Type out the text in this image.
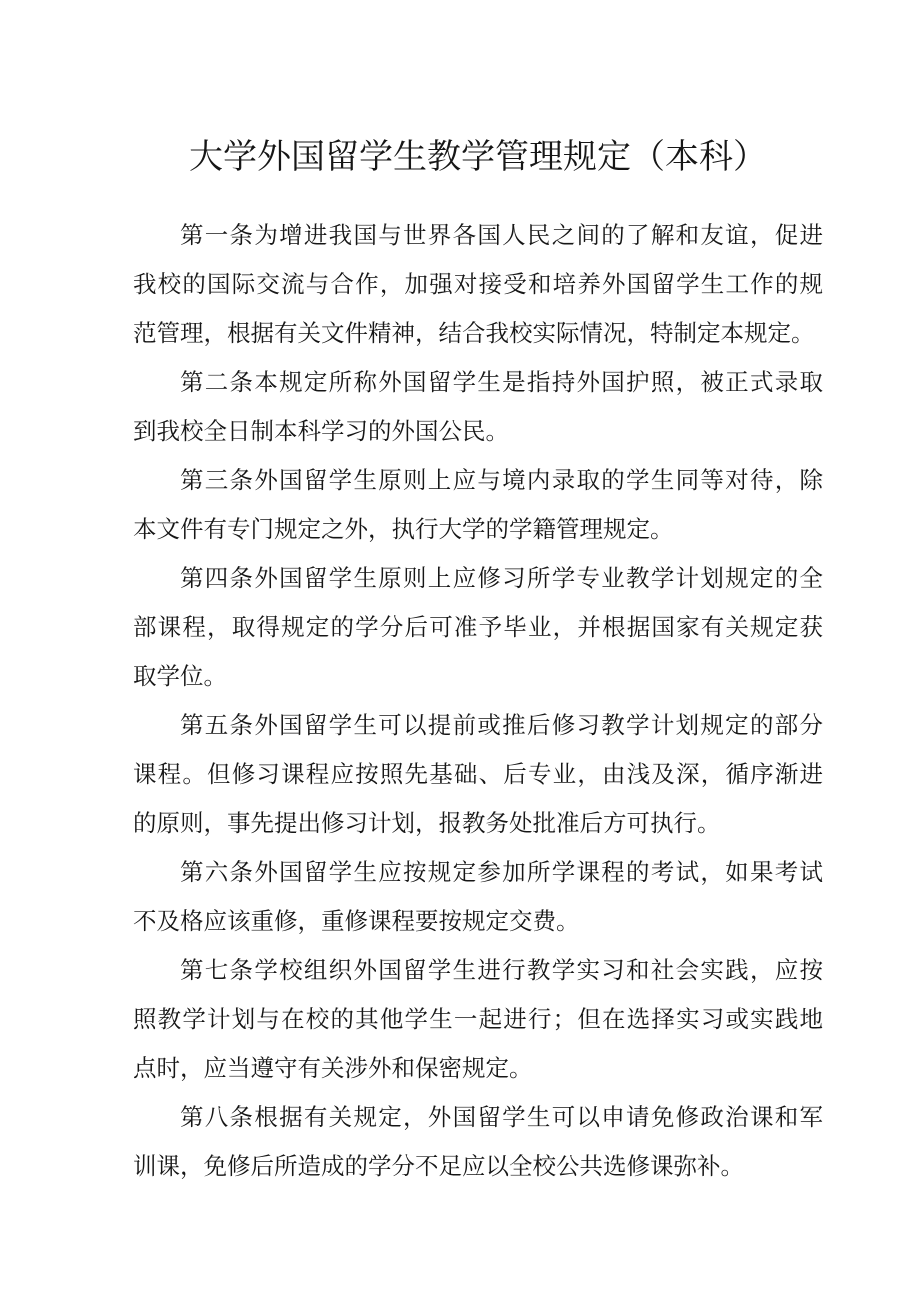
大学外国留学生教学管理规定（本科）

第一条为增进我国与世界各国人民之间的了解和友谊，促进
我校的国际交流与合作，加强对接受和培养外国留学生工作的规
范管理，根据有关文件精神，结合我校实际情况，特制定本规定。

第二条本规定所称外国留学生是指持外国护照，被正式录取
到我校全日制本科学习的外国公民。

第三条外国留学生原则上应与境内录取的学生同等对待，除
本文件有专门规定之外，执行大学的学籍管理规定。

第四条外国留学生原则上应修习所学专业教学计划规定的全
部课程，取得规定的学分后可准予毕业，并根据国家有关规定获
取学位。

第五条外国留学生可以提前或推后修习教学计划规定的部分
课程。但修习课程应按照先基础、后专业，由浅及深，循序渐进
的原则，事先提出修习计划，报教务处批准后方可执行。

第六条外国留学生应按规定参加所学课程的考试，如果考试
不及格应该重修，重修课程要按规定交费。

第七条学校组织外国留学生进行教学实习和社会实践，应按
照教学计划与在校的其他学生一起进行；但在选择实习或实践地
点时，应当遵守有关涉外和保密规定。

第八条根据有关规定，外国留学生可以申请免修政治课和军
训课，免修后所造成的学分不足应以全校公共选修课弥补。
